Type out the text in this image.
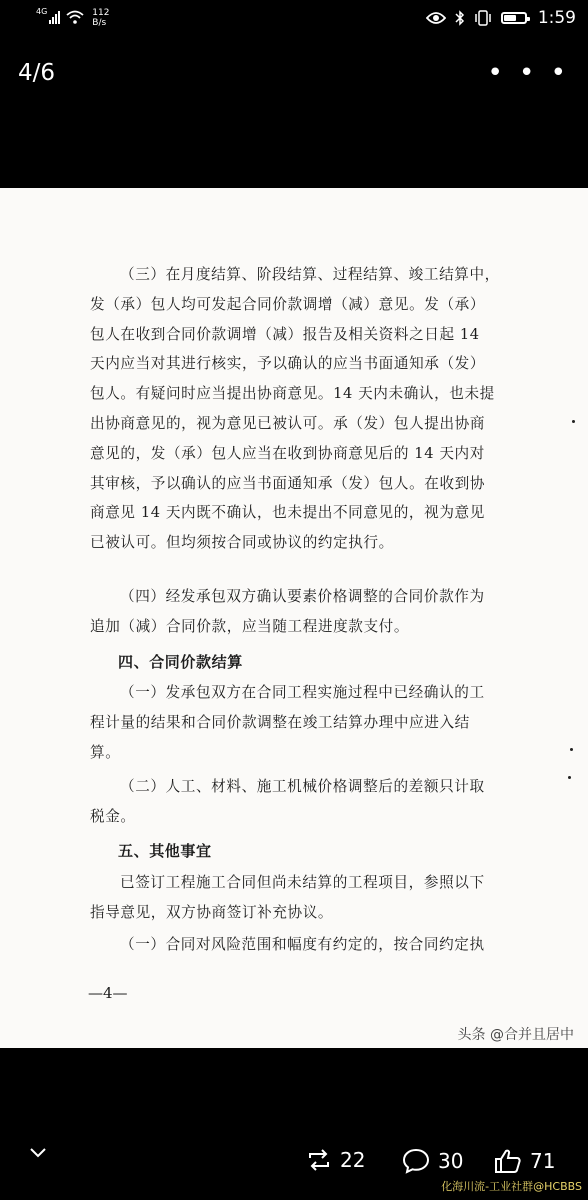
4G	112
B/s	1:59
4/6	• • •

（三）在月度结算、阶段结算、过程结算、竣工结算中，

发（承）包人均可发起合同价款调增（减）意见。发（承）

包人在收到合同价款调增（减）报告及相关资料之日起 14

天内应当对其进行核实，予以确认的应当书面通知承（发）

包人。有疑问时应当提出协商意见。14 天内未确认，也未提

出协商意见的，视为意见已被认可。承（发）包人提出协商

意见的，发（承）包人应当在收到协商意见后的 14 天内对

其审核，予以确认的应当书面通知承（发）包人。在收到协

商意见 14 天内既不确认，也未提出不同意见的，视为意见

已被认可。但均须按合同或协议的约定执行。

（四）经发承包双方确认要素价格调整的合同价款作为

追加（减）合同价款，应当随工程进度款支付。

四、合同价款结算

（一）发承包双方在合同工程实施过程中已经确认的工

程计量的结果和合同价款调整在竣工结算办理中应进入结

算。

（二）人工、材料、施工机械价格调整后的差额只计取

税金。

五、其他事宜

已签订工程施工合同但尚未结算的工程项目，参照以下

指导意见，双方协商签订补充协议。

（一）合同对风险范围和幅度有约定的，按合同约定执

—4—
头条 @合并且居中
22	30	71
化海川流-工业社群@HCBBS
